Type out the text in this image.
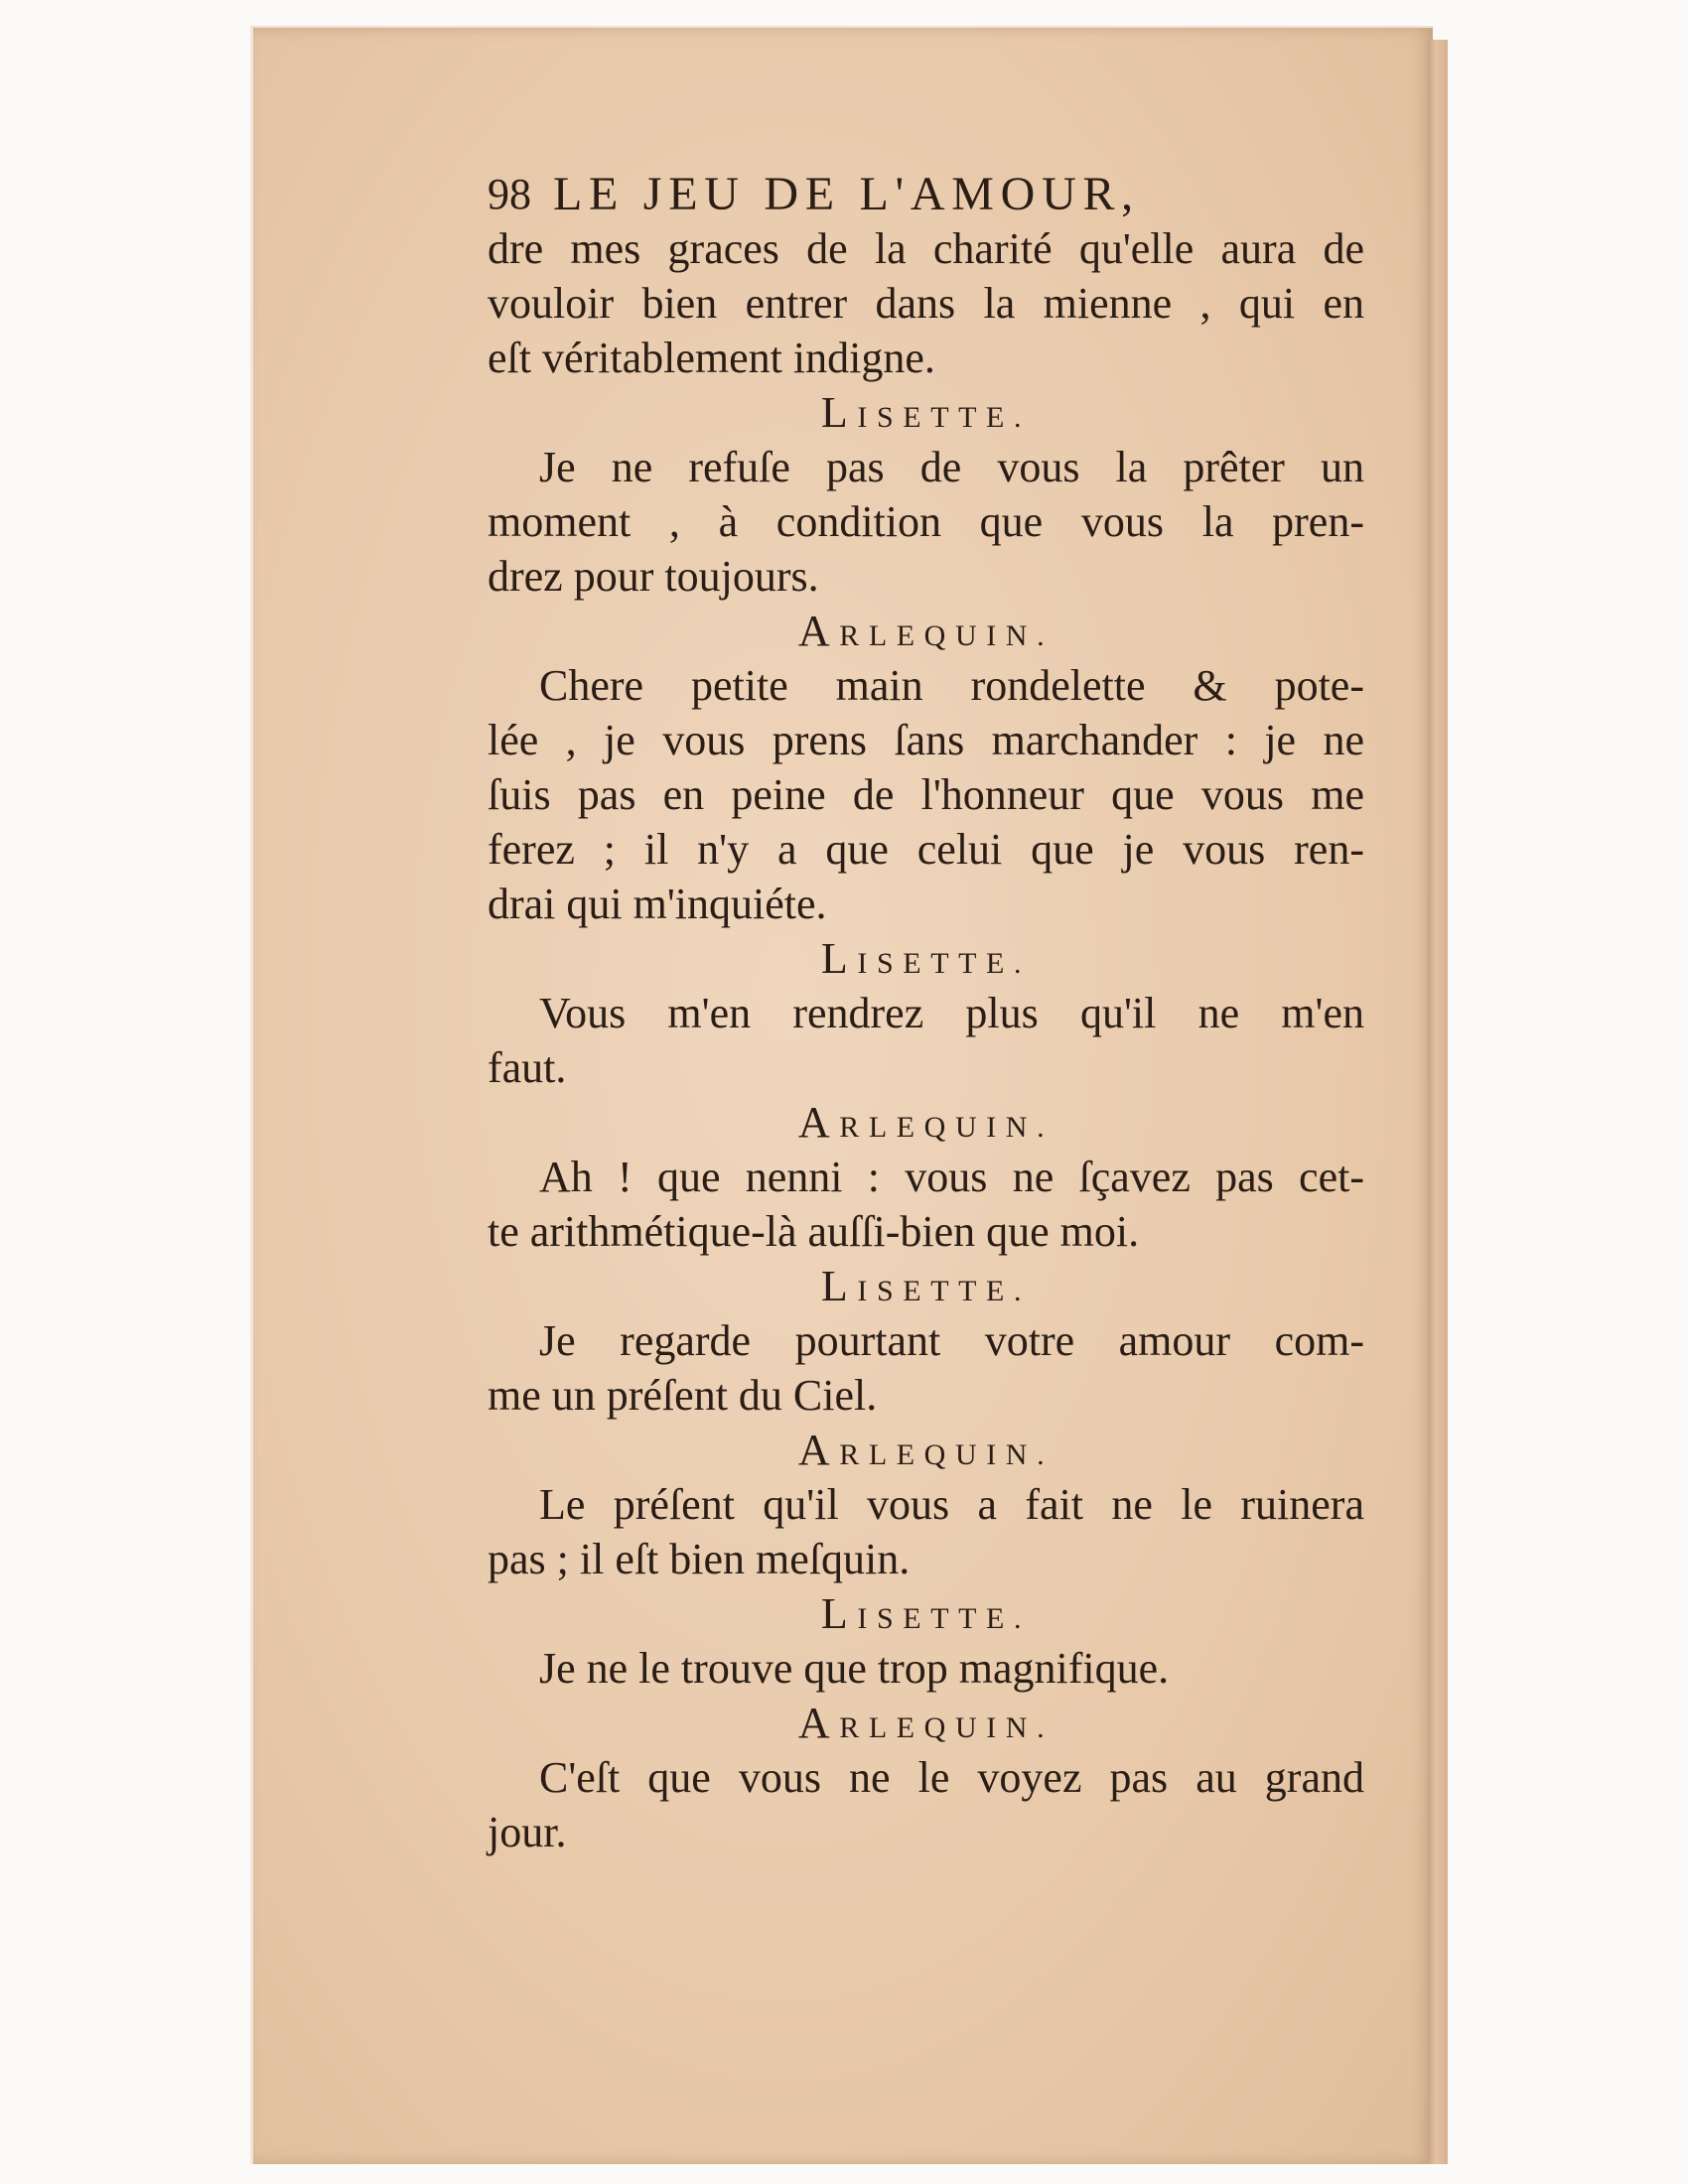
98 LE JEU DE L'AMOUR,
dre mes graces de la charité qu'elle aura de
vouloir bien entrer dans la mienne , qui en
eſt véritablement indigne.
LISETTE.
Je ne refuſe pas de vous la prêter un
moment , à condition que vous la pren-
drez pour toujours.
ARLEQUIN.
Chere petite main rondelette & pote-
lée , je vous prens ſans marchander : je ne
ſuis pas en peine de l'honneur que vous me
ferez ; il n'y a que celui que je vous ren-
drai qui m'inquiéte.
LISETTE.
Vous m'en rendrez plus qu'il ne m'en
faut.
ARLEQUIN.
Ah ! que nenni : vous ne ſçavez pas cet-
te arithmétique-là auſſi-bien que moi.
LISETTE.
Je regarde pourtant votre amour com-
me un préſent du Ciel.
ARLEQUIN.
Le préſent qu'il vous a fait ne le ruinera
pas ; il eſt bien meſquin.
LISETTE.
Je ne le trouve que trop magnifique.
ARLEQUIN.
C'eſt que vous ne le voyez pas au grand
jour.
